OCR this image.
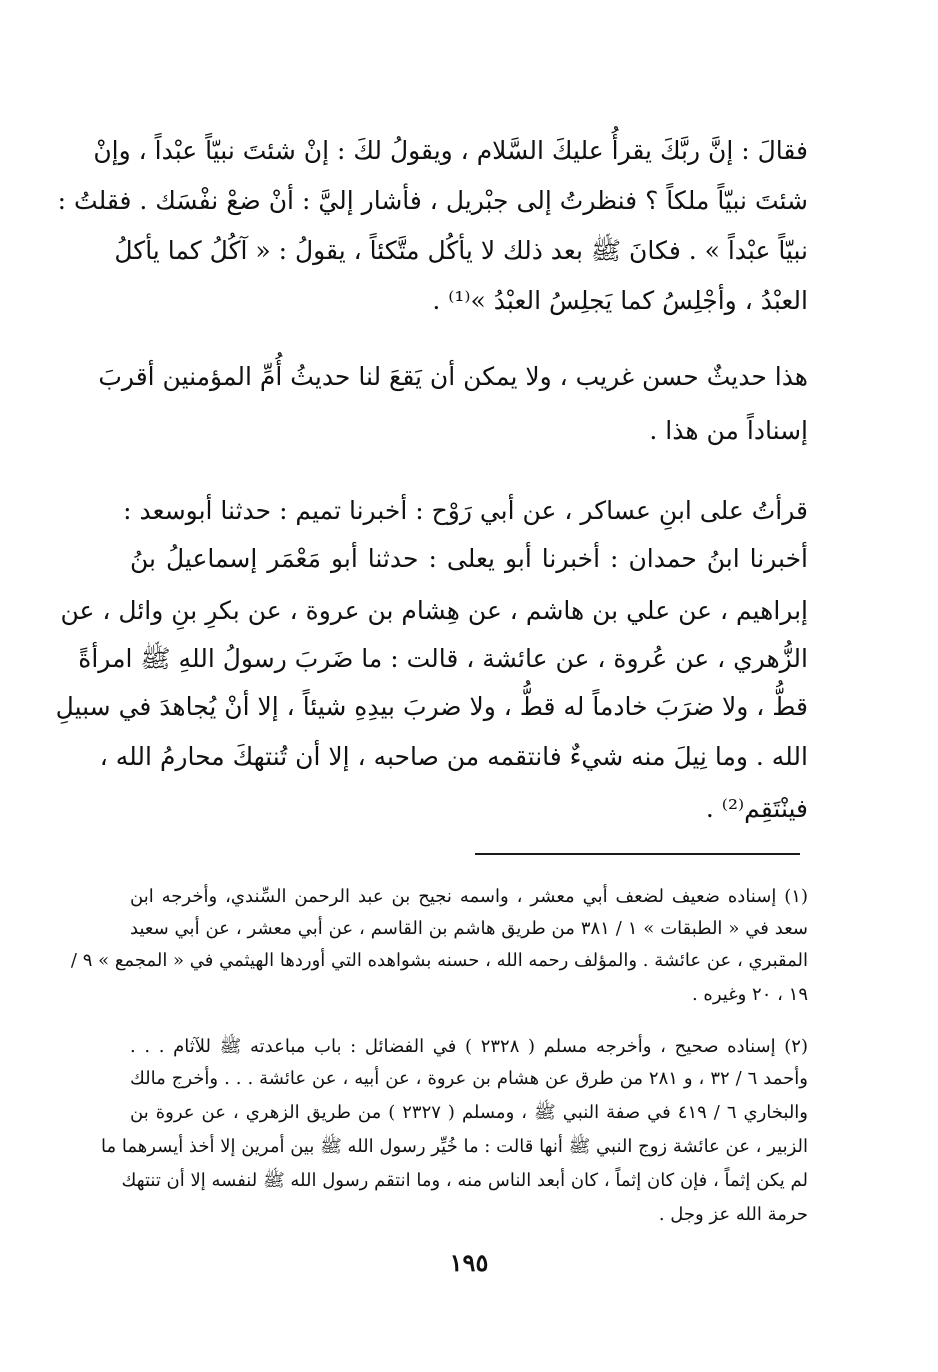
فقالَ : إنَّ ربَّكَ يقرأُ عليكَ السَّلام ، ويقولُ لكَ : إنْ شئتَ نبيّاً عبْداً ، وإنْ
شئتَ نبيّاً ملكاً ؟ فنظرتُ إلى جبْريل ، فأشار إليَّ : أنْ ضعْ نفْسَك . فقلتُ :
نبيّاً عبْداً » . فكانَ ﷺ بعد ذلك لا يأكُل متَّكئاً ، يقولُ : « آكُلُ كما يأكلُ
العبْدُ ، وأجْلِسُ كما يَجلِسُ العبْدُ »⁽¹⁾ .
هذا حديثٌ حسن غريب ، ولا يمكن أن يَقعَ لنا حديثُ أُمِّ المؤمنين أقربَ
إسناداً من هذا .
قرأتُ على ابنِ عساكر ، عن أبي رَوْح : أخبرنا تميم : حدثنا أبوسعد :
أخبرنا ابنُ حمدان : أخبرنا أبو يعلى : حدثنا أبو مَعْمَر إسماعيلُ بنُ
إبراهيم ، عن علي بن هاشم ، عن هِشام بن عروة ، عن بكرِ بنِ وائل ، عن
الزُّهري ، عن عُروة ، عن عائشة ، قالت : ما ضَربَ رسولُ اللهِ ﷺ امرأةً
قطُّ ، ولا ضرَبَ خادماً له قطُّ ، ولا ضربَ بيدِهِ شيئاً ، إلا أنْ يُجاهدَ في سبيلِ
الله . وما نِيلَ منه شيءٌ فانتقمه من صاحبه ، إلا أن تُنتهكَ محارمُ الله ،
فينْتَقِم⁽²⁾ .
(١) إسناده ضعيف لضعف أبي معشر ، واسمه نجيح بن عبد الرحمن السِّندي، وأخرجه ابن
سعد في « الطبقات » ١ / ٣٨١ من طريق هاشم بن القاسم ، عن أبي معشر ، عن أبي سعيد
المقبري ، عن عائشة . والمؤلف رحمه الله ، حسنه بشواهده التي أوردها الهيثمي في « المجمع » ٩ /
١٩ ، ٢٠ وغيره .
(٢) إسناده صحيح ، وأخرجه مسلم ( ٢٣٢٨ ) في الفضائل : باب مباعدته ﷺ للآثام . . .
وأحمد ٦ / ٣٢ ، و ٢٨١ من طرق عن هشام بن عروة ، عن أبيه ، عن عائشة . . . وأخرج مالك
والبخاري ٦ / ٤١٩ في صفة النبي ﷺ ، ومسلم ( ٢٣٢٧ ) من طريق الزهري ، عن عروة بن
الزبير ، عن عائشة زوج النبي ﷺ أنها قالت : ما خُيِّر رسول الله ﷺ بين أمرين إلا أخذ أيسرهما ما
لم يكن إثماً ، فإن كان إثماً ، كان أبعد الناس منه ، وما انتقم رسول الله ﷺ لنفسه إلا أن تنتهك
حرمة الله عز وجل .
١٩٥
